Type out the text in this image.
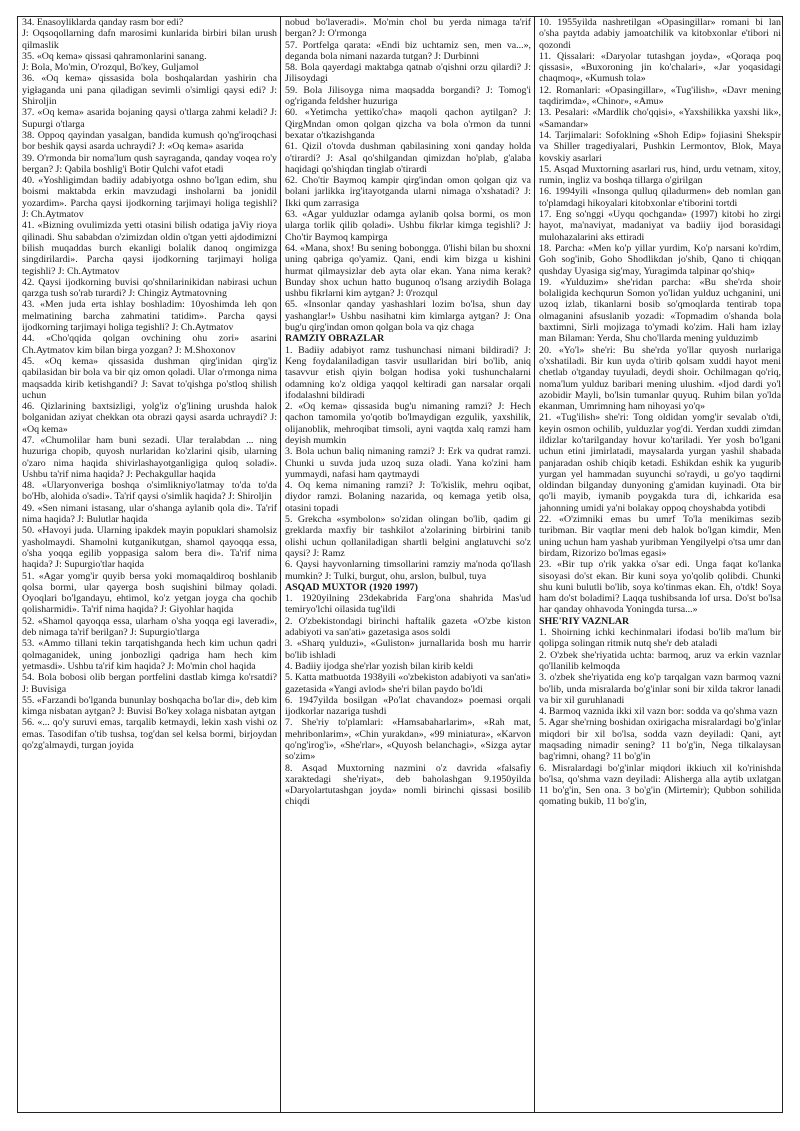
34. Enasoyliklarda qanday rasm bor edi?

J: Oqsoqollarning dafn marosimi kunlarida birbiri bilan urush qilmaslik

35. «Oq kema» qissasi qahramonlarini sanang.

J: Bola, Mo'min, O'rozqul, Bo'key, Guljamol

36. «Oq kema» qissasida bola boshqalardan yashirin cha yigłaganda uni pana qiladigan sevimli o'simligi qaysi edi? J: Shiroljin

37. «Oq kema» asarida bojaning qaysi o'tlarga zahmi keladi? J: Supurgi o'tlarga

38. Oppoq qayindan yasalgan, bandida kumush qo'ng'iroqchasi bor beshik qaysi asarda uchraydi? J: «Oq kema» asarida

39. O'rmonda bir noma'lum qush sayraganda, qanday voqea ro'y bergan? J: Qabila boshlig'i Botir Qulchi vafot etadi

40. «Yoshligimdan badiiy adabiyotga oshno bo'lgan edim, shu boismi maktabda erkin mavzudagi insholarni ba jonidil yozardim». Parcha qaysi ijodkorning tarjimayi holiga tegishli? J: Ch.Aytmatov

41. «Bizning ovulimizda yetti otasini bilish odatiga jaViy rioya qilinadi. Shu sababdan o'zimizdan oldin o'tgan yetti ajdodimizni bilish muqaddas burch ekanligi bolalik danoq ongimizga singdirilardi». Parcha qaysi ijodkorning tarjimayi holiga tegishli? J: Ch.Aytmatov

42. Qaysi ijodkorning buvisi qo'shnilarinikidan nabirasi uchun qarzga tush so'rab turardi? J: Chingiz Aytmatovning

43. «Men juda erta ishlay boshladim: 10yoshimda leh qon melmatining barcha zahmatini tatidim». Parcha qaysi ijodkorning tarjimayi holiga tegishli? J: Ch.Aytmatov

44. «Cho'qqida qolgan ovchining ohu zori» asarini Ch.Aytmatov kim bilan birga yozgan? J: M.Shoxonov

45. «Oq kema» qissasida dushman qirg'inidan qirg'iz qabilasidan bir bola va bir qiz omon qoladi. Ular o'rmonga nima maqsadda kirib ketishgandi? J: Savat to'qishga po'stloq shilish uchun

46. Qizlarining baxtsizligi, yolg'iz o'g'lining urushda halok bolganidan aziyat chekkan ota obrazi qaysi asarda uchraydi? J: «Oq kema»

47. «Chumolilar ham buni sezadi. Ular teralabdan ... ning huzuriga chopib, quyosh nurlaridan ko'zlarini qisib, ularning o'zaro nima haqida shivirlashayotganligiga quloq soladi». Ushbu ta'rif nima haqida? J: Pechakgullar haqida

48. «Ularyonveriga boshqa o'simlikniyo'latmay to'da to'da bo'Hb, alohida o'sadi». Ta'rif qaysi o'simlik haqida? J: Shiroljin

49. «Sen nimani istasang, ular o'shanga aylanib qola di». Ta'rif nima haqida? J: Bulutlar haqida

50. «Havoyi juda. Ularning ipakdek mayin popuklari shamolsiz yasholmaydi. Shamolni kutganikutgan, shamol qayoqqa essa, o'sha yoqqa egilib yoppasiga salom bera di». Ta'rif nima haqida? J: Supurgio'tlar haqida

51. «Agar yomg'ir quyib bersa yoki momaqaldiroq boshlanib qolsa bormi, ular qayerga bosh suqishini bilmay qoladi. Oyoqlari bo'lgandayu, ehtimol, ko'z yetgan joyga cha qochib qolisharmidi». Ta'rif nima haqida? J: Giyohlar haqida

52. «Shamol qayoqqa essa, ularham o'sha yoqqa egi laveradi», deb nimaga ta'rif berilgan? J: Supurgio'tlarga

53. «Ammo tillani tekin tarqatishganda hech kim uchun qadri qolmaganidek, uning jonbozligi qadriga ham hech kim yetmasdi». Ushbu ta'rif kim haqida? J: Mo'min chol haqida

54. Bola bobosi olib bergan portfelini dastlab kimga ko'rsatdi? J: Buvisiga

55. «Farzandi bo'lganda bununlay boshqacha bo'lar di», deb kim kimga nisbatan aytgan? J: Buvisi Bo'key xolaga nisbatan aytgan

56. «... qo'y suruvi emas, tarqalib ketmaydi, lekin xash vishi oz emas. Tasodifan o'tib tushsa, tog'dan sel kelsa bormi, birjoydan qo'zg'almaydi, turgan joyida

nobud bo'laveradi». Mo'min chol bu yerda nimaga ta'rif bergan? J: O'rmonga

57. Portfelga qarata: «Endi biz uchtamiz sen, men va...», deganda bola nimani nazarda tutgan? J: Durbinni

58. Bola qayerdagi maktabga qatnab o'qishni orzu qilardi? J: Jilisoydagi

59. Bola Jilisoyga nima maqsadda borgandi? J: Tomog'i og'riganda feldsher huzuriga

60. «Yetimcha yettiko'cha» maqoli qachon aytilgan? J: QirgMndan omon qolgan qizcha va bola o'rmon da tunni bexatar o'tkazishganda

61. Qizil o'tovda dushman qabilasining xoni qanday holda o'tirardi? J: Asal qo'shilgandan qimizdan ho'plab, g'alaba haqidagi qo'shiqdan tinglab o'tirardi

62. Cho'tir Baymoq kampir qirg'indan omon qolgan qiz va bolani jarlikka irg'itayotganda ularni nimaga o'xshatadi? J: Ikki qum zarrasiga

63. «Agar yulduzlar odamga aylanib qolsa bormi, os mon ularga torlik qilib qoladi». Ushbu fikrlar kimga tegishli? J: Cho'tir Baymoq kampirga

64. «Mana, shox! Bu sening bobongga. 0'lishi bilan bu shoxni uning qabriga qo'yamiz. Qani, endi kim bizga u kishini hurmat qilmaysizlar deb ayta olar ekan. Yana nima kerak? Bunday shox uchun hatto bugunoq o'lsang arziydih Bolaga ushbu fikrlarni kim aytgan? J: 0'rozqul

65. «Insonlar qanday yashashlari lozim bo'lsa, shun day yashanglar!» Ushbu nasihatni kim kimlarga aytgan? J: Ona bug'u qirg'indan omon qolgan bola va qiz chaga

RAMZIY OBRAZLAR

1. Badiiy adabiyot ramz tushunchasi nimani bildiradi? J: Keng foydalaniladigan tasvir usullaridan biri bo'lib, aniq tasavvur etish qiyin bolgan hodisa yoki tushunchalarni odamning ko'z oldiga yaqqol keltiradi gan narsalar orqali ifodalashni bildiradi

2. «Oq kema» qissasida bug'u nimaning ramzi? J: Hech qachon tamomila yo'qotib bo'lmaydigan ezgulik, yaxshilik, olijanoblik, mehroqibat timsoli, ayni vaqtda xalq ramzi ham deyish mumkin

3. Bola uchun baliq nimaning ramzi? J: Erk va qudrat ramzi. Chunki u suvda juda uzoq suza oladi. Yana ko'zini ham yummaydi, nafasi ham qaytmaydi

4. Oq kema nimaning ramzi? J: To'kislik, mehru oqibat, diydor ramzi. Bolaning nazarida, oq kemaga yetib olsa, otasini topadi

5. Grekcha «symbolon» so'zidan olingan bo'lib, qadim gi greklarda maxfiy bir tashkilot a'zolarining birbirini tanib olishi uchun qollaniladigan shartli belgini anglatuvchi so'z qaysi? J: Ramz

6. Qaysi hayvonlarning timsollarini ramziy ma'noda qo'llash mumkin? J: Tulki, burgut, ohu, arslon, bulbul, tuya

ASQAD MUXTOR (1920 1997)

1. 1920yilning 23dekabrida Farg'ona shahrida Mas'ud temiryo'lchi oilasida tug'ildi

2. O'zbekistondagi birinchi haftalik gazeta «O'zbe kiston adabiyoti va san'ati» gazetasiga asos soldi

3. «Sharq yulduzi», «Guliston» jurnallarida bosh mu harrir bo'lib ishladi

4. Badiiy ijodga she'rlar yozish bilan kirib keldi

5. Katta matbuotda 1938yili «o'zbekiston adabiyoti va san'ati» gazetasida «Yangi avlod» she'ri bilan paydo bo'ldi

6. 1947yilda bosilgan «Po'lat chavandoz» poemasi orqali ijodkorlar nazariga tushdi

7. She'riy to'plamlari: «Hamsabaharlarim», «Rah mat, mehribonlarim», «Chin yurakdan», «99 miniatura», «Karvon qo'ng'irog'i», «She'rlar», «Quyosh belanchagi», «Sizga aytar so'zim»

8. Asqad Muxtorning nazmini o'z davrida «falsafiy xaraktedagi she'riyat», deb baholashgan 9.1950yilda «Daryolartutashgan joyda» nomli birinchi qissasi bosilib chiqdi

10. 1955yilda nashretilgan «Opasingillar» romani bi lan o'sha paytda adabiy jamoatchilik va kitobxonlar e'tibori ni qozondi

11. Qissalari: «Daryolar tutashgan joyda», «Qoraqa poq qissasi», «Buxoroning jin ko'chalari», «Jar yoqasidagi chaqmoq», «Kumush tola»

12. Romanlari: «Opasingillar», «Tug'ilish», «Davr mening taqdirimda», «Chinor», «Amu»

13. Pesalari: «Mardlik cho'qqisi», «Yaxshilikka yaxshi lik», «Samandar»

14. Tarjimalari: Sofoklning «Shoh Edip» fojiasini Shekspir va Shiller tragediyalari, Pushkin Lermontov, Blok, Maya kovskiy asarlari

15. Asqad Muxtorning asarlari rus, hind, urdu vetnam, xitoy, rumin, ingliz va boshqa tillarga o'girilgan

16. 1994yili «Insonga qulluq qiladurmen» deb nomlan gan to'plamdagi hikoyalari kitobxonlar e'tiborini tortdi

17. Eng so'nggi «Uyqu qochganda» (1997) kitobi ho zirgi hayot, ma'naviyat, madaniyat va badiiy ijod borasidagi mulohazalarini aks ettiradi

18. Parcha: «Men ko'p yillar yurdim, Ko'p narsani ko'rdim, Goh sog'inib, Goho Shodlikdan jo'shib, Qano ti chiqqan qushday Uyasiga sig'may, Yuragimda talpinar qo'shiq»

19. «Yulduzim» she'ridan parcha: «Bu she'rda shoir bolaligida kechqurun Somon yo'lidan yulduz uchganini, uni uzoq izlab, tikanlarni bosib so'qmoqlarda tentirab topa olmaganini afsuslanib yozadi: «Topmadim o'shanda bola baxtimni, Sirli mojizaga to'ymadi ko'zim. Hali ham izlay man Bilaman: Yerda, Shu cho'llarda mening yulduzimb

20. «Yo'l» she'ri: Bu she'rda yo'llar quyosh nurlariga o'xshatiladi. Bir kun uyda o'tirib qolsam xuddi hayot meni chetlab o'tganday tuyuladi, deydi shoir. Ochilmagan qo'riq, noma'lum yulduz baribari mening ulushim. «Ijod dardi yo'l azobidir Mayli, bo'lsin tumanlar quyuq. Ruhim bilan yo'lda ekanman, Umrimning ham nihoyasi yo'q»

21. «Tug'ilish» she'ri: Tong oldidan yomg'ir sevalab o'tdi, keyin osmon ochilib, yulduzlar yog'di. Yerdan xuddi zimdan ildizlar ko'tarilganday hovur ko'tariladi. Yer yosh bo'lgani uchun etini jimirlatadi, maysalarda yurgan yashil shabada panjaradan oshib chiqib ketadi. Eshikdan eshik ka yugurib yurgan yel hammadan suyunchi so'raydi, u go'yo taqdirni oldindan bilganday dunyoning g'amidan kuyinadi. Ota bir qo'li mayib, iymanib poygakda tura di, ichkarida esa jahonning umidi ya'ni bolakay oppoq choyshabda yotibdi

22. «O'zimniki emas bu umrf To'la menikimas sezib turibman. Bir vaqtlar meni deb halok bo'lgan kimdir, Men uning uchun ham yashab yuribman Yengilyelpi o'tsa umr dan birdam, Rizorizo bo'lmas egasi»

23. «Bir tup o'rik yakka o'sar edi. Unga faqat ko'lanka sisoyasi do'st ekan. Bir kuni soya yo'qolib qolibdi. Chunki shu kuni bulutli bo'lib, soya ko'tinmas ekan. Eh, o'tdk! Soya ham do'st boladimi? Laqqa tushibsanda lof ursa. Do'st bo'lsa har qanday ohhavoda Yoningda tursa...»

SHE'RIY VAZNLAR

1. Shoirning ichki kechinmalari ifodasi bo'lib ma'lum bir qolipga solingan ritmik nutq she'r deb ataladi

2. O'zbek she'riyatida uchta: barmoq, aruz va erkin vaznlar qo'llanilib kelmoqda

3. o'zbek she'riyatida eng ko'p tarqalgan vazn barmoq vazni bo'lib, unda misralarda bo'g'inlar soni bir xilda takror lanadi va bir xil guruhlanadi

4. Barmoq vaznida ikki xil vazn bor: sodda va qo'shma vazn

5. Agar she'rning boshidan oxirigacha misralardagi bo'g'inlar miqdori bir xil bo'lsa, sodda vazn deyiladi: Qani, ayt maqsading nimadir sening? 11 bo'g'in, Nega tilkalaysan bag'rimni, ohang? 11 bo'g'in

6. Misralardagi bo'g'inlar miqdori ikkiuch xil ko'rinishda bo'lsa, qo'shma vazn deyiladi: Alisherga alla aytib uxlatgan 11 bo'g'in, Sen ona. 3 bo'g'in (Mirtemir); Qubbon sohilida qomating bukib, 11 bo'g'in,
